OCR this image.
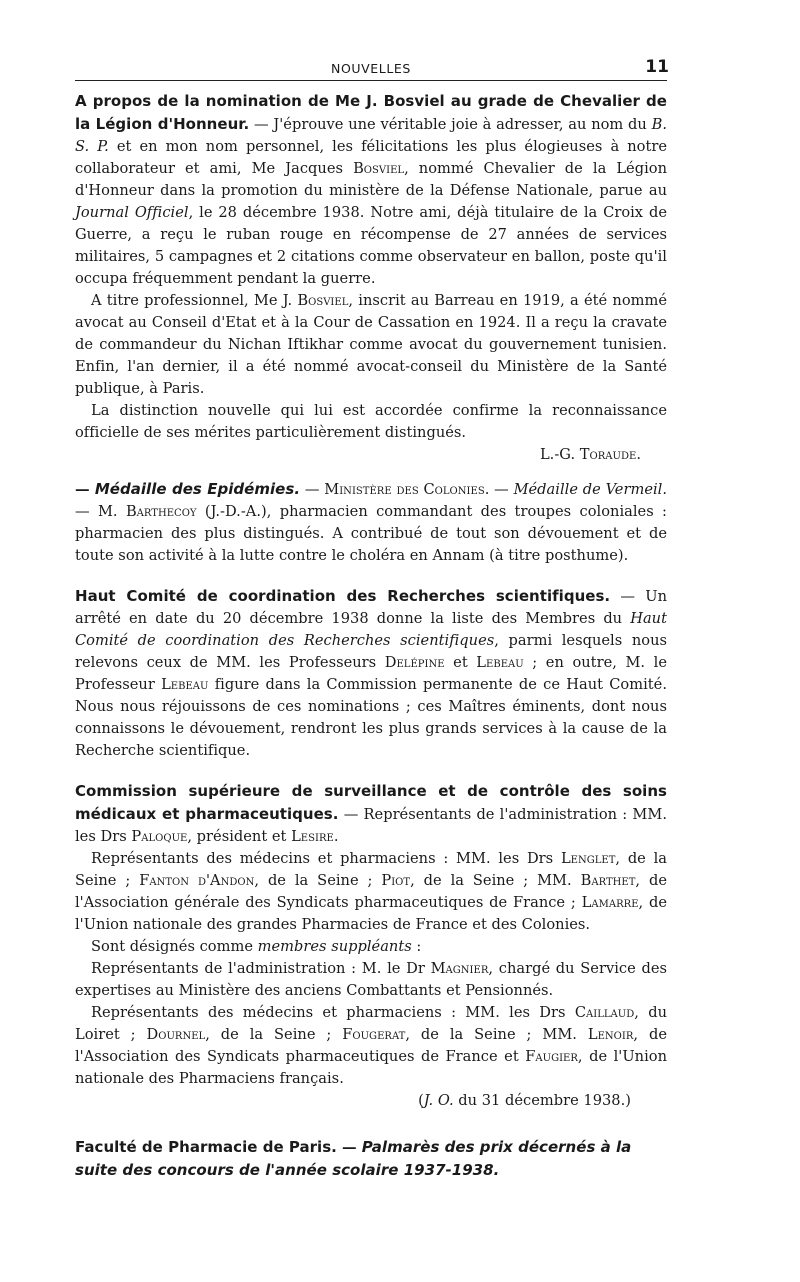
NOUVELLES	11

A propos de la nomination de Me J. Bosviel au grade de Chevalier de la Légion d'Honneur. — J'éprouve une véritable joie à adresser, au nom du B. S. P. et en mon nom personnel, les félicitations les plus élogieuses à notre collaborateur et ami, Me Jacques Bosviel, nommé Chevalier de la Légion d'Honneur dans la promotion du ministère de la Défense Nationale, parue au Journal Officiel, le 28 décembre 1938. Notre ami, déjà titulaire de la Croix de Guerre, a reçu le ruban rouge en récompense de 27 années de services militaires, 5 campagnes et 2 citations comme observateur en ballon, poste qu'il occupa fréquemment pendant la guerre.

A titre professionnel, Me J. Bosviel, inscrit au Barreau en 1919, a été nommé avocat au Conseil d'Etat et à la Cour de Cassation en 1924. Il a reçu la cravate de commandeur du Nichan Iftikhar comme avocat du gouvernement tunisien. Enfin, l'an dernier, il a été nommé avocat-conseil du Ministère de la Santé publique, à Paris.

La distinction nouvelle qui lui est accordée confirme la reconnaissance officielle de ses mérites particulièrement distingués.

L.-G. Toraude.

— Médaille des Epidémies. — Ministère des Colonies. — Médaille de Vermeil. — M. Barthecoy (J.-D.-A.), pharmacien commandant des troupes coloniales : pharmacien des plus distingués. A contribué de tout son dévouement et de toute son activité à la lutte contre le choléra en Annam (à titre posthume).

Haut Comité de coordination des Recherches scientifiques. — Un arrêté en date du 20 décembre 1938 donne la liste des Membres du Haut Comité de coordination des Recherches scientifiques, parmi lesquels nous relevons ceux de MM. les Professeurs Delépine et Lebeau ; en outre, M. le Professeur Lebeau figure dans la Commission permanente de ce Haut Comité. Nous nous réjouissons de ces nominations ; ces Maîtres éminents, dont nous connaissons le dévouement, rendront les plus grands services à la cause de la Recherche scientifique.

Commission supérieure de surveillance et de contrôle des soins médicaux et pharmaceutiques. — Représentants de l'administration : MM. les Drs Paloque, président et Lesire.

Représentants des médecins et pharmaciens : MM. les Drs Lenglet, de la Seine ; Fanton d'Andon, de la Seine ; Piot, de la Seine ; MM. Barthet, de l'Association générale des Syndicats pharmaceutiques de France ; Lamarre, de l'Union nationale des grandes Pharmacies de France et des Colonies.

Sont désignés comme membres suppléants :

Représentants de l'administration : M. le Dr Magnier, chargé du Service des expertises au Ministère des anciens Combattants et Pensionnés.

Représentants des médecins et pharmaciens : MM. les Drs Caillaud, du Loiret ; Dournel, de la Seine ; Fougerat, de la Seine ; MM. Lenoir, de l'Association des Syndicats pharmaceutiques de France et Faugier, de l'Union nationale des Pharmaciens français.

(J. O. du 31 décembre 1938.)

Faculté de Pharmacie de Paris. — Palmarès des prix décernés à la suite des concours de l'année scolaire 1937-1938.
